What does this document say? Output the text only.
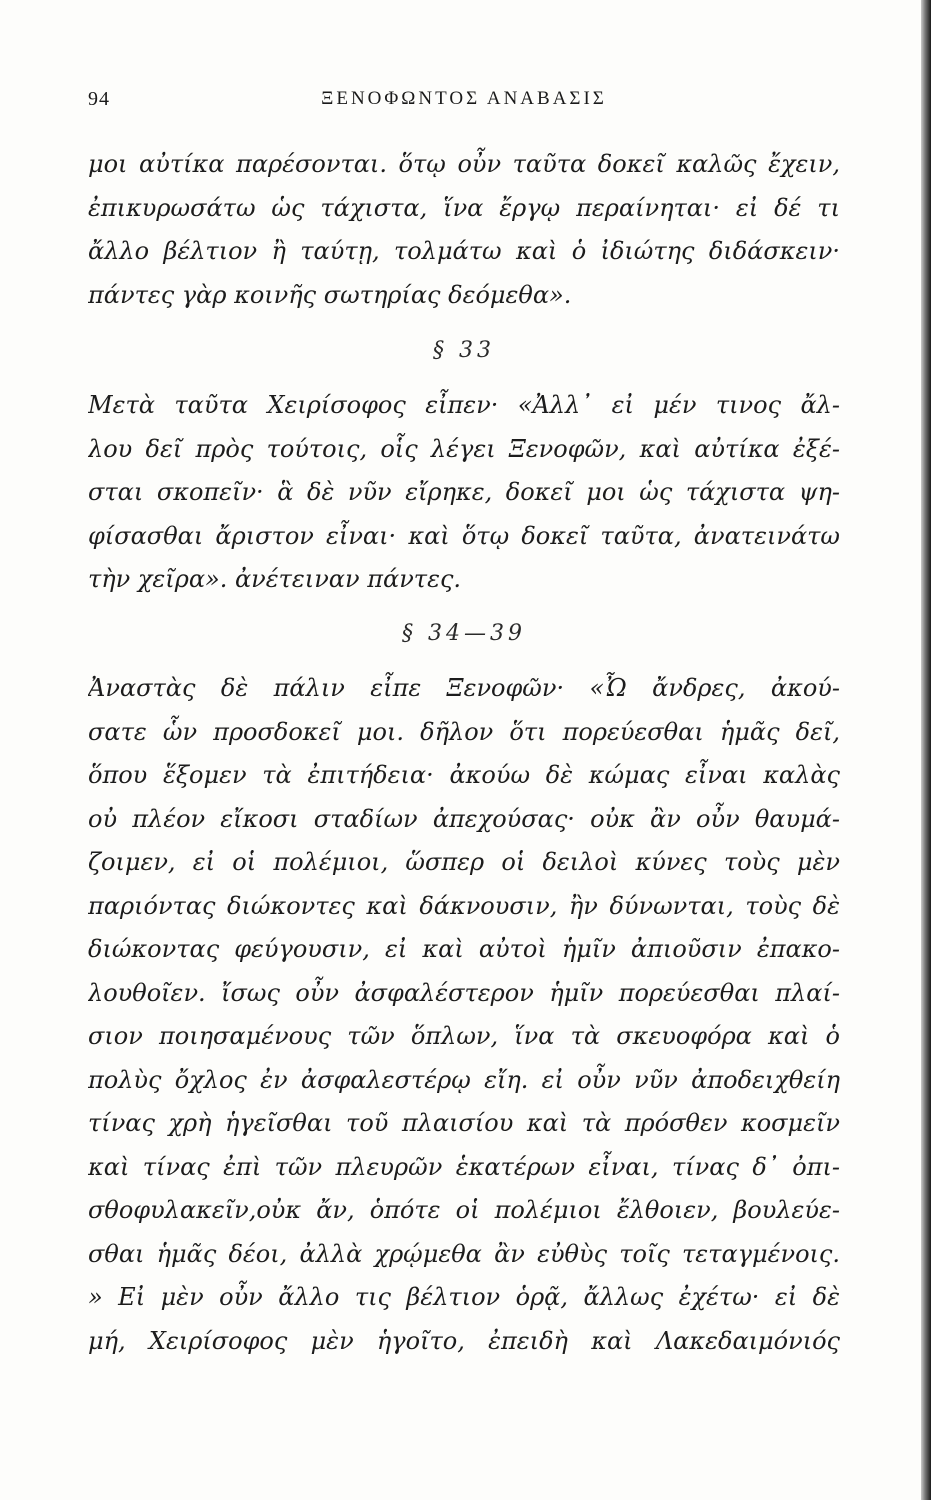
94	ΞΕΝΟΦΩΝΤΟΣ ΑΝΑΒΑΣΙΣ
μοι αὐτίκα παρέσονται. ὅτῳ οὖν ταῦτα δοκεῖ καλῶς ἔχειν,
ἐπικυρωσάτω ὡς τάχιστα, ἵνα ἔργῳ περαίνηται· εἰ δέ τι
ἄλλο βέλτιον ἢ ταύτῃ, τολμάτω καὶ ὁ ἰδιώτης διδάσκειν·
πάντες γὰρ κοινῆς σωτηρίας δεόμεθα».
§ 33
Μετὰ ταῦτα Χειρίσοφος εἶπεν· «Ἀλλ᾽ εἰ μέν τινος ἄλ-
λου δεῖ πρὸς τούτοις, οἷς λέγει Ξενοφῶν, καὶ αὐτίκα ἐξέ-
σται σκοπεῖν· ἃ δὲ νῦν εἴρηκε, δοκεῖ μοι ὡς τάχιστα ψη-
φίσασθαι ἄριστον εἶναι· καὶ ὅτῳ δοκεῖ ταῦτα, ἀνατεινάτω
τὴν χεῖρα». ἀνέτειναν πάντες.
§ 34—39
Ἀναστὰς δὲ πάλιν εἶπε Ξενοφῶν· «Ὦ ἄνδρες, ἀκού-
σατε ὧν προσδοκεῖ μοι. δῆλον ὅτι πορεύεσθαι ἡμᾶς δεῖ,
ὅπου ἕξομεν τὰ ἐπιτήδεια· ἀκούω δὲ κώμας εἶναι καλὰς
οὐ πλέον εἴκοσι σταδίων ἀπεχούσας· οὐκ ἂν οὖν θαυμά-
ζοιμεν, εἰ οἱ πολέμιοι, ὥσπερ οἱ δειλοὶ κύνες τοὺς μὲν
παριόντας διώκοντες καὶ δάκνουσιν, ἢν δύνωνται, τοὺς δὲ
διώκοντας φεύγουσιν, εἰ καὶ αὐτοὶ ἡμῖν ἀπιοῦσιν ἐπακο-
λουθοῖεν. ἴσως οὖν ἀσφαλέστερον ἡμῖν πορεύεσθαι πλαί-
σιον ποιησαμένους τῶν ὅπλων, ἵνα τὰ σκευοφόρα καὶ ὁ
πολὺς ὄχλος ἐν ἀσφαλεστέρῳ εἴη. εἰ οὖν νῦν ἀποδειχθείη
τίνας χρὴ ἡγεῖσθαι τοῦ πλαισίου καὶ τὰ πρόσθεν κοσμεῖν
καὶ τίνας ἐπὶ τῶν πλευρῶν ἑκατέρων εἶναι, τίνας δ᾽ ὀπι-
σθοφυλακεῖν,οὐκ ἄν, ὁπότε οἱ πολέμιοι ἔλθοιεν, βουλεύε-
σθαι ἡμᾶς δέοι, ἀλλὰ χρῴμεθα ἂν εὐθὺς τοῖς τεταγμένοις.
» Εἰ μὲν οὖν ἄλλο τις βέλτιον ὁρᾷ, ἄλλως ἐχέτω· εἰ δὲ
μή, Χειρίσοφος μὲν ἡγοῖτο, ἐπειδὴ καὶ Λακεδαιμόνιός
